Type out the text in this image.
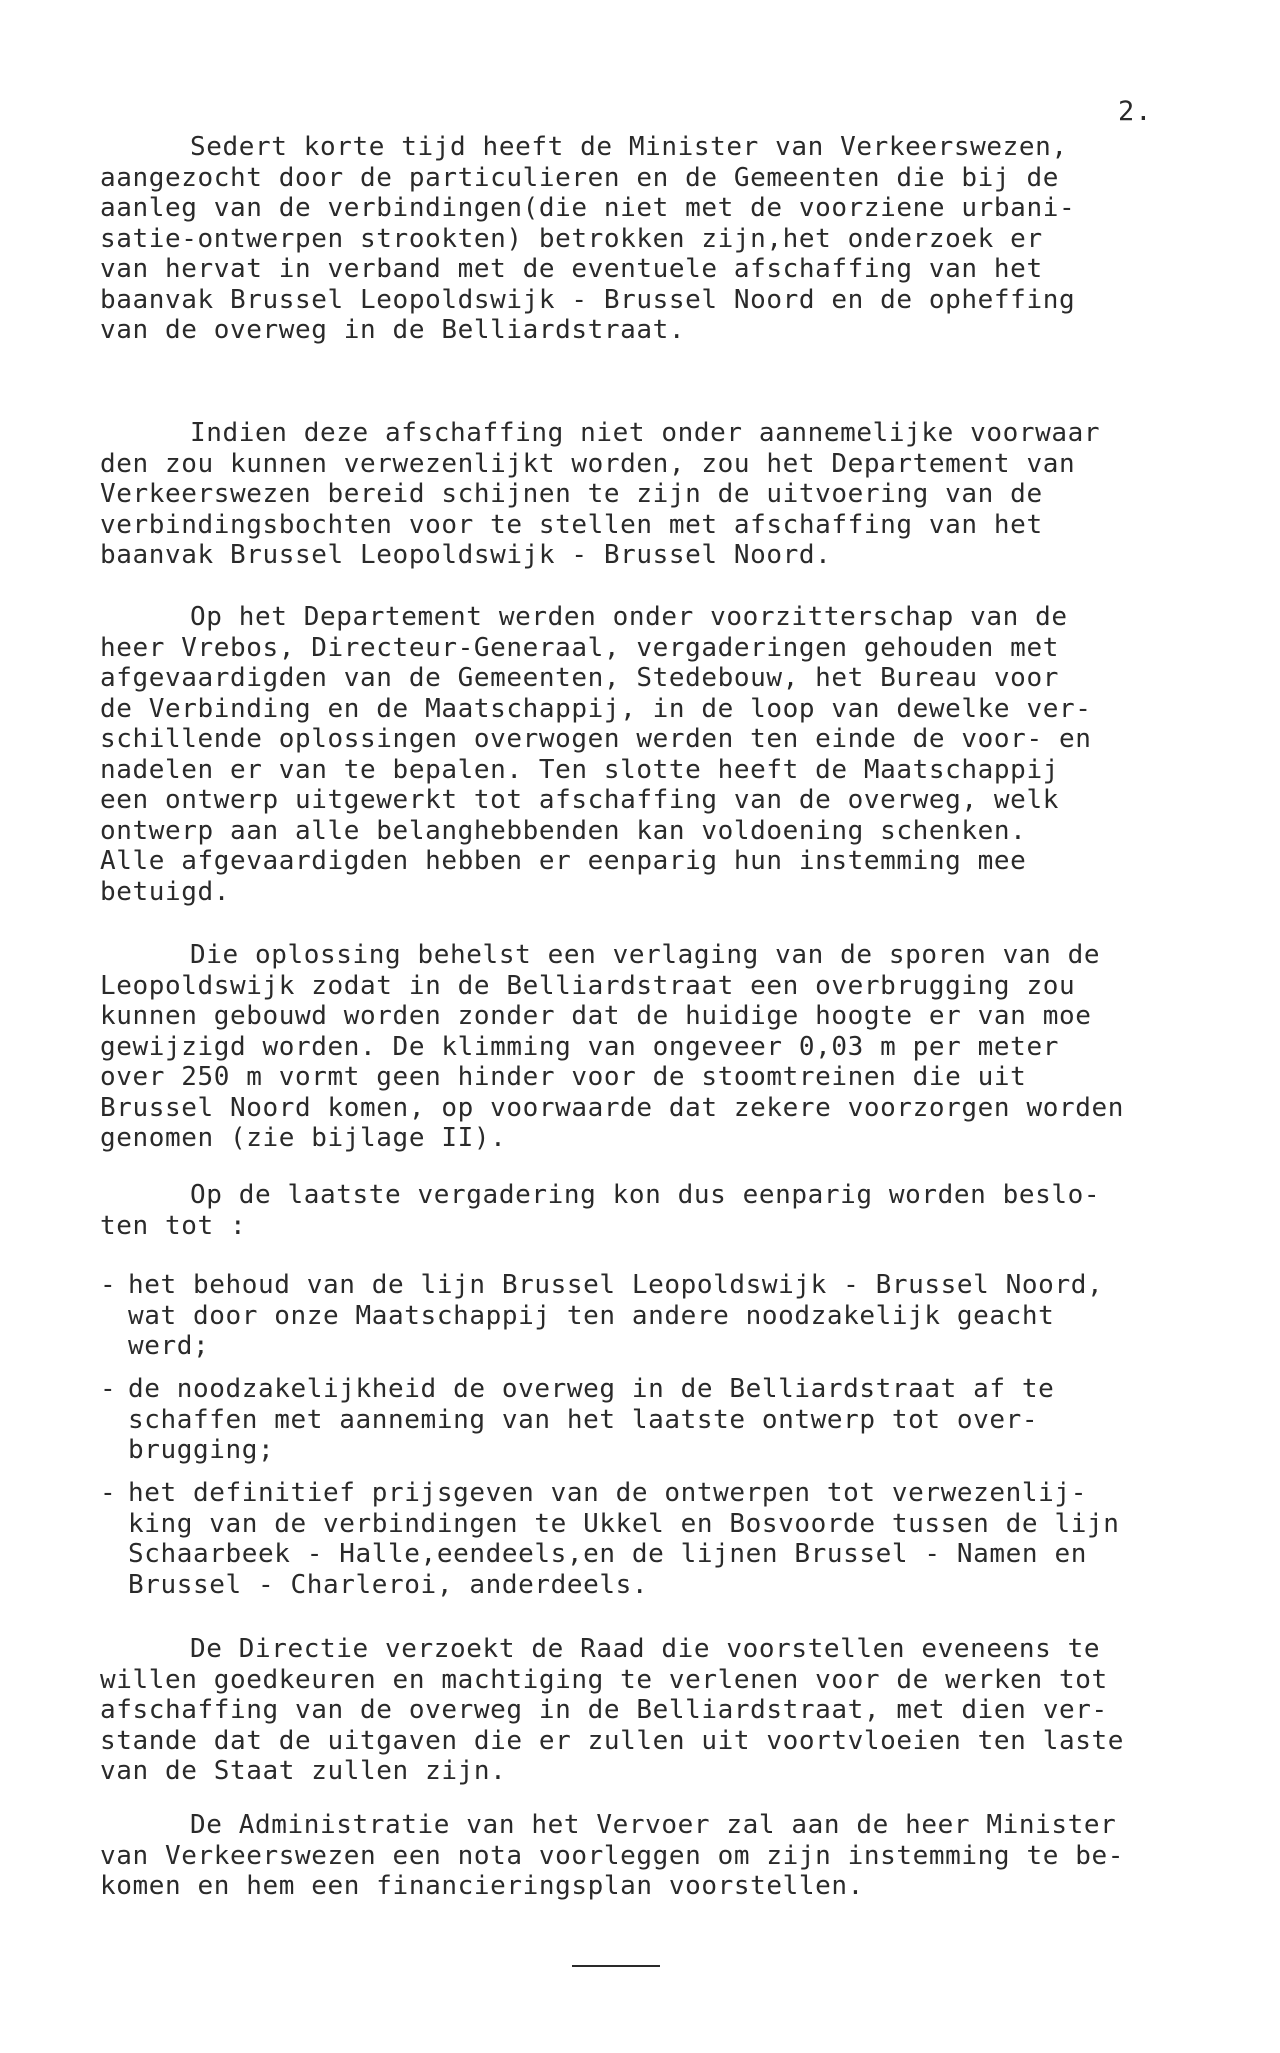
2.
Sedert korte tijd heeft de Minister van Verkeerswezen,
aangezocht door de particulieren en de Gemeenten die bij de
aanleg van de verbindingen(die niet met de voorziene urbani-
satie-ontwerpen strookten) betrokken zijn,het onderzoek er
van hervat in verband met de eventuele afschaffing van het
baanvak Brussel Leopoldswijk - Brussel Noord en de opheffing
van de overweg in de Belliardstraat.
Indien deze afschaffing niet onder aannemelijke voorwaar
den zou kunnen verwezenlijkt worden, zou het Departement van
Verkeerswezen bereid schijnen te zijn de uitvoering van de
verbindingsbochten voor te stellen met afschaffing van het
baanvak Brussel Leopoldswijk - Brussel Noord.
Op het Departement werden onder voorzitterschap van de
heer Vrebos, Directeur-Generaal, vergaderingen gehouden met
afgevaardigden van de Gemeenten, Stedebouw, het Bureau voor
de Verbinding en de Maatschappij, in de loop van dewelke ver-
schillende oplossingen overwogen werden ten einde de voor- en
nadelen er van te bepalen. Ten slotte heeft de Maatschappij
een ontwerp uitgewerkt tot afschaffing van de overweg, welk
ontwerp aan alle belanghebbenden kan voldoening schenken.
Alle afgevaardigden hebben er eenparig hun instemming mee
betuigd.
Die oplossing behelst een verlaging van de sporen van de
Leopoldswijk zodat in de Belliardstraat een overbrugging zou
kunnen gebouwd worden zonder dat de huidige hoogte er van moe
gewijzigd worden. De klimming van ongeveer 0,03 m per meter
over 250 m vormt geen hinder voor de stoomtreinen die uit
Brussel Noord komen, op voorwaarde dat zekere voorzorgen worden
genomen (zie bijlage II).
Op de laatste vergadering kon dus eenparig worden beslo-
ten tot :
- het behoud van de lijn Brussel Leopoldswijk - Brussel Noord,
wat door onze Maatschappij ten andere noodzakelijk geacht
werd;
- de noodzakelijkheid de overweg in de Belliardstraat af te
schaffen met aanneming van het laatste ontwerp tot over-
brugging;
- het definitief prijsgeven van de ontwerpen tot verwezenlij-
king van de verbindingen te Ukkel en Bosvoorde tussen de lijn
Schaarbeek - Halle,eendeels,en de lijnen Brussel - Namen en
Brussel - Charleroi, anderdeels.
De Directie verzoekt de Raad die voorstellen eveneens te
willen goedkeuren en machtiging te verlenen voor de werken tot
afschaffing van de overweg in de Belliardstraat, met dien ver-
stande dat de uitgaven die er zullen uit voortvloeien ten laste
van de Staat zullen zijn.
De Administratie van het Vervoer zal aan de heer Minister
van Verkeerswezen een nota voorleggen om zijn instemming te be-
komen en hem een financieringsplan voorstellen.
